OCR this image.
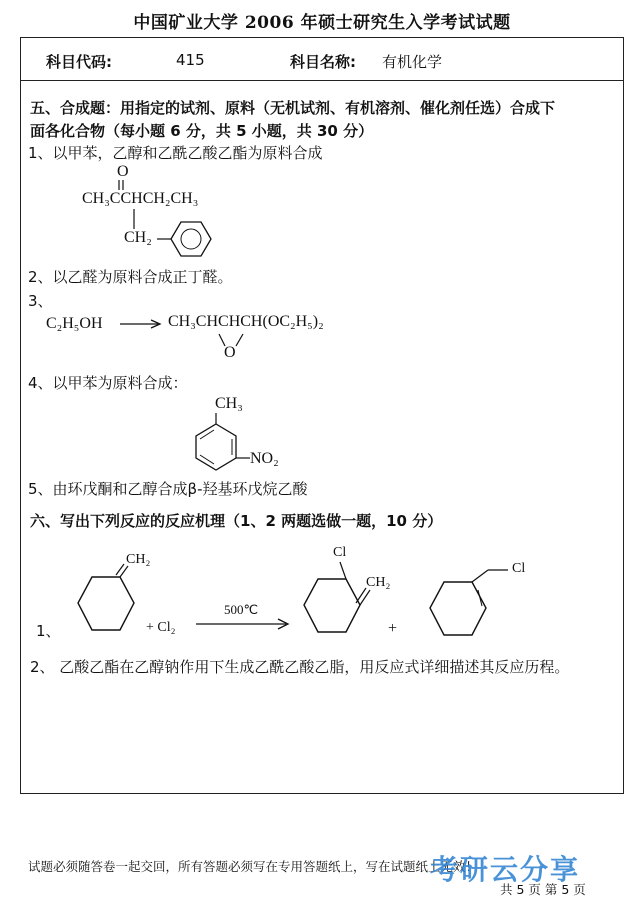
中国矿业大学 2006 年硕士研究生入学考试试题
科目代码:	415	科目名称: 有机化学
五、合成题：用指定的试剂、原料（无机试剂、有机溶剂、催化剂任选）合成下
面各化合物（每小题 6 分，共 5 小题，共 30 分）
1、以甲苯，乙醇和乙酰乙酸乙酯为原料合成
O
CH₃CCHCH₂CH₃
CH₂
2、以乙醛为原料合成正丁醛。
3、
C₂H₅OH	CH₃CHCHCH(OC₂H₅)₂
O
4、以甲苯为原料合成：
CH₃
NO₂
5、由环戊酮和乙醇合成β-羟基环戊烷乙酸
六、写出下列反应的反应机理（1、2 两题选做一题，10 分）
CH₂
1、	+ Cl₂
500℃
Cl
CH₂
+
Cl
2、 乙酸乙酯在乙醇钠作用下生成乙酰乙酸乙脂，用反应式详细描述其反应历程。
试题必须随答卷一起交回，所有答题必须写在专用答题纸上，写在试题纸上无效！
共 5 页 第 5 页
考研云分享
